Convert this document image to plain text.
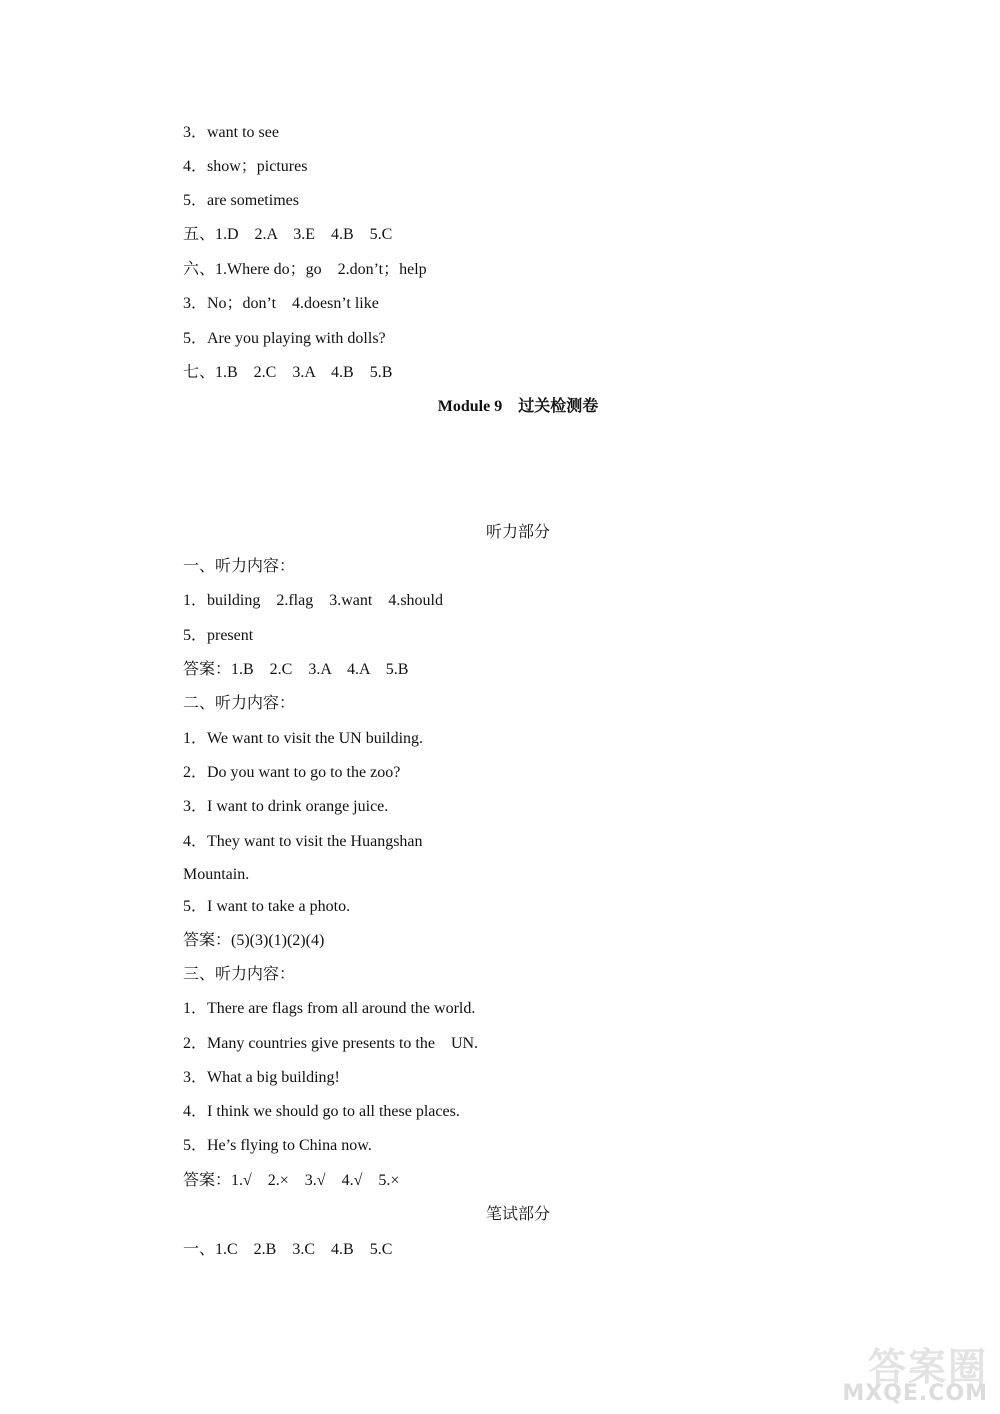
3．want to see
4．show；pictures
5．are sometimes
五、1.D　2.A　3.E　4.B　5.C
六、1.Where do；go　2.don’t；help
3．No；don’t　4.doesn’t like
5．Are you playing with dolls?
七、1.B　2.C　3.A　4.B　5.B
Module 9　过关检测卷
听力部分
一、听力内容：
1．building　2.flag　3.want　4.should
5．present
答案：1.B　2.C　3.A　4.A　5.B
二、听力内容：
1．We want to visit the UN building.
2．Do you want to go to the zoo?
3．I want to drink orange juice.
4．They want to visit the Huangshan
Mountain.
5．I want to take a photo.
答案：(5)(3)(1)(2)(4)
三、听力内容：
1．There are flags from all around the world.
2．Many countries give presents to the　UN.
3．What a big building!
4．I think we should go to all these places.
5．He’s flying to China now.
答案：1.√　2.×　3.√　4.√　5.×
笔试部分
一、1.C　2.B　3.C　4.B　5.C
答案圈
MXQE.COM
